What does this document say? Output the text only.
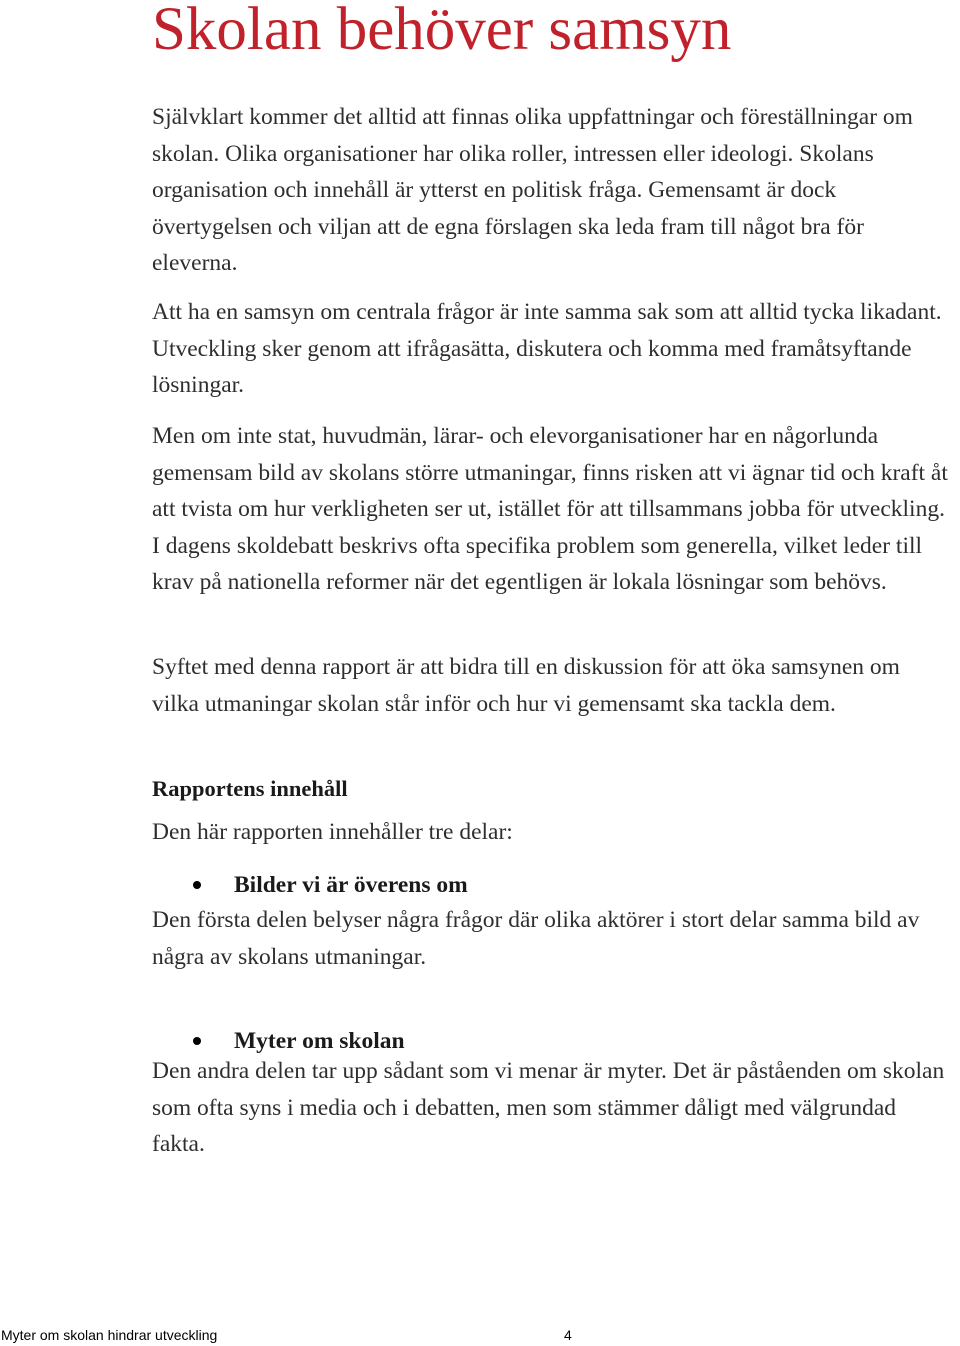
Skolan behöver samsyn

Självklart kommer det alltid att finnas olika uppfattningar och föreställningar om skolan. Olika organisationer har olika roller, intressen eller ideologi. Skolans organisation och innehåll är ytterst en politisk fråga. Gemensamt är dock övertygelsen och viljan att de egna förslagen ska leda fram till något bra för eleverna.

Att ha en samsyn om centrala frågor är inte samma sak som att alltid tycka likadant. Utveckling sker genom att ifrågasätta, diskutera och komma med framåtsyftande lösningar.

Men om inte stat, huvudmän, lärar- och elevorganisationer har en någorlunda gemensam bild av skolans större utmaningar, finns risken att vi ägnar tid och kraft åt att tvista om hur verkligheten ser ut, istället för att tillsammans jobba för utveckling. I dagens skoldebatt beskrivs ofta specifika problem som generella, vilket leder till krav på nationella reformer när det egentligen är lokala lösningar som behövs.

Syftet med denna rapport är att bidra till en diskussion för att öka samsynen om vilka utmaningar skolan står inför och hur vi gemensamt ska tackla dem.

Rapportens innehåll

Den här rapporten innehåller tre delar:

Bilder vi är överens om

Den första delen belyser några frågor där olika aktörer i stort delar samma bild av några av skolans utmaningar.

Myter om skolan

Den andra delen tar upp sådant som vi menar är myter. Det är påståenden om skolan som ofta syns i media och i debatten, men som stämmer dåligt med välgrundad fakta.

Myter om skolan hindrar utveckling	4
